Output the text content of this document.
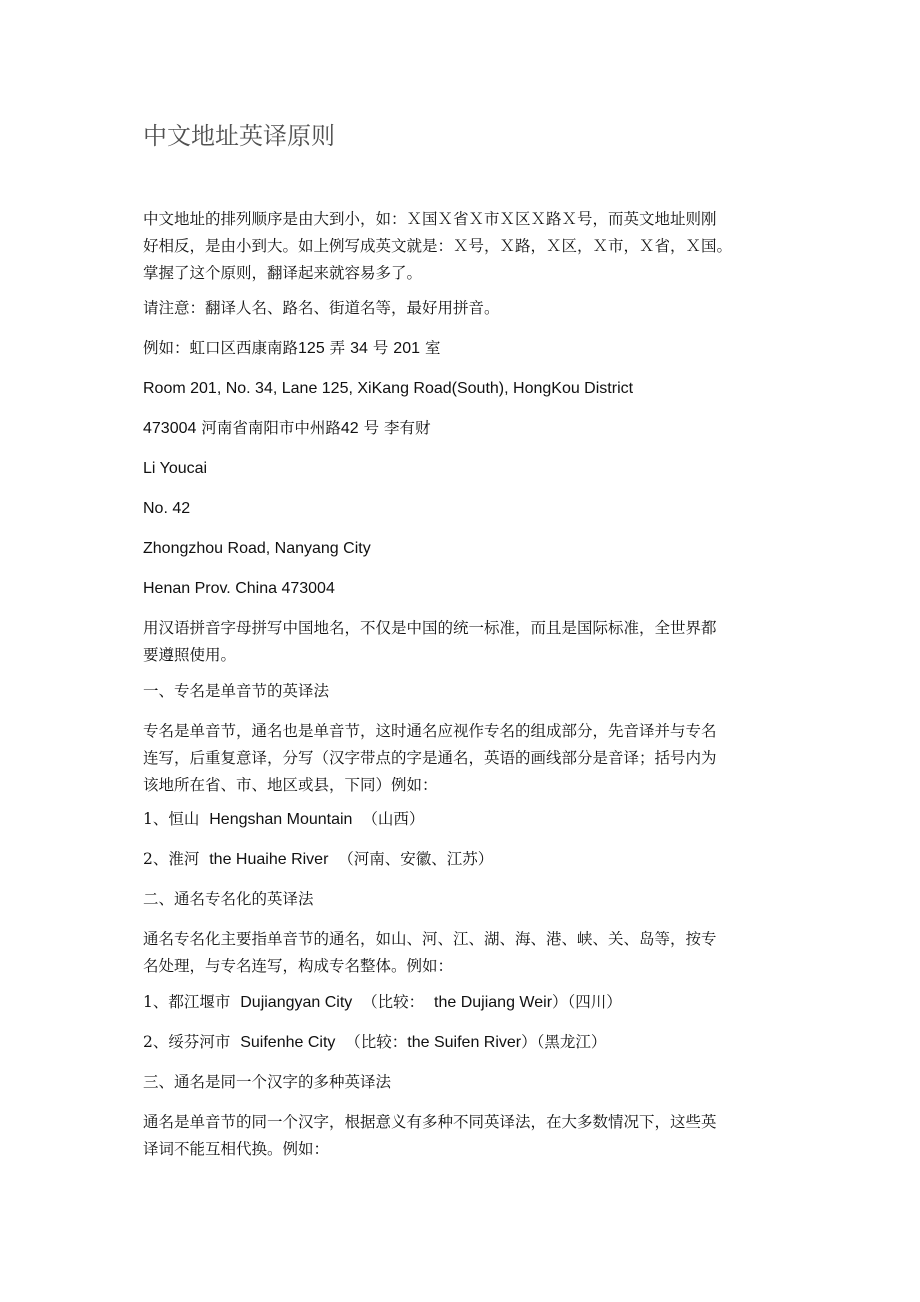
中文地址英译原则
中文地址的排列顺序是由大到小，如：Ｘ国Ｘ省Ｘ市Ｘ区Ｘ路Ｘ号，而英文地址则刚
好相反，是由小到大。如上例写成英文就是：Ｘ号，Ｘ路，Ｘ区，Ｘ市，Ｘ省，Ｘ国。
掌握了这个原则，翻译起来就容易多了。
请注意：翻译人名、路名、街道名等，最好用拼音。
例如：虹口区西康南路125 弄 34 号 201 室
Room 201, No. 34, Lane 125, XiKang Road(South), HongKou District
473004 河南省南阳市中州路42 号 李有财
Li Youcai
No. 42
Zhongzhou Road, Nanyang City
Henan Prov. China 473004
用汉语拼音字母拼写中国地名，不仅是中国的统一标准，而且是国际标准，全世界都
要遵照使用。
一、专名是单音节的英译法
专名是单音节，通名也是单音节，这时通名应视作专名的组成部分，先音译并与专名
连写，后重复意译，分写（汉字带点的字是通名，英语的画线部分是音译；括号内为
该地所在省、市、地区或县，下同）例如：
1、恒山 Hengshan Mountain （山西）
2、淮河 the Huaihe River （河南、安徽、江苏）
二、通名专名化的英译法
通名专名化主要指单音节的通名，如山、河、江、湖、海、港、峡、关、岛等，按专
名处理，与专名连写，构成专名整体。例如：
1、都江堰市 Dujiangyan City （比较： the Dujiang Weir）（四川）
2、绥芬河市 Suifenhe City （比较：the Suifen River）（黑龙江）
三、通名是同一个汉字的多种英译法
通名是单音节的同一个汉字，根据意义有多种不同英译法，在大多数情况下，这些英
译词不能互相代换。例如：
